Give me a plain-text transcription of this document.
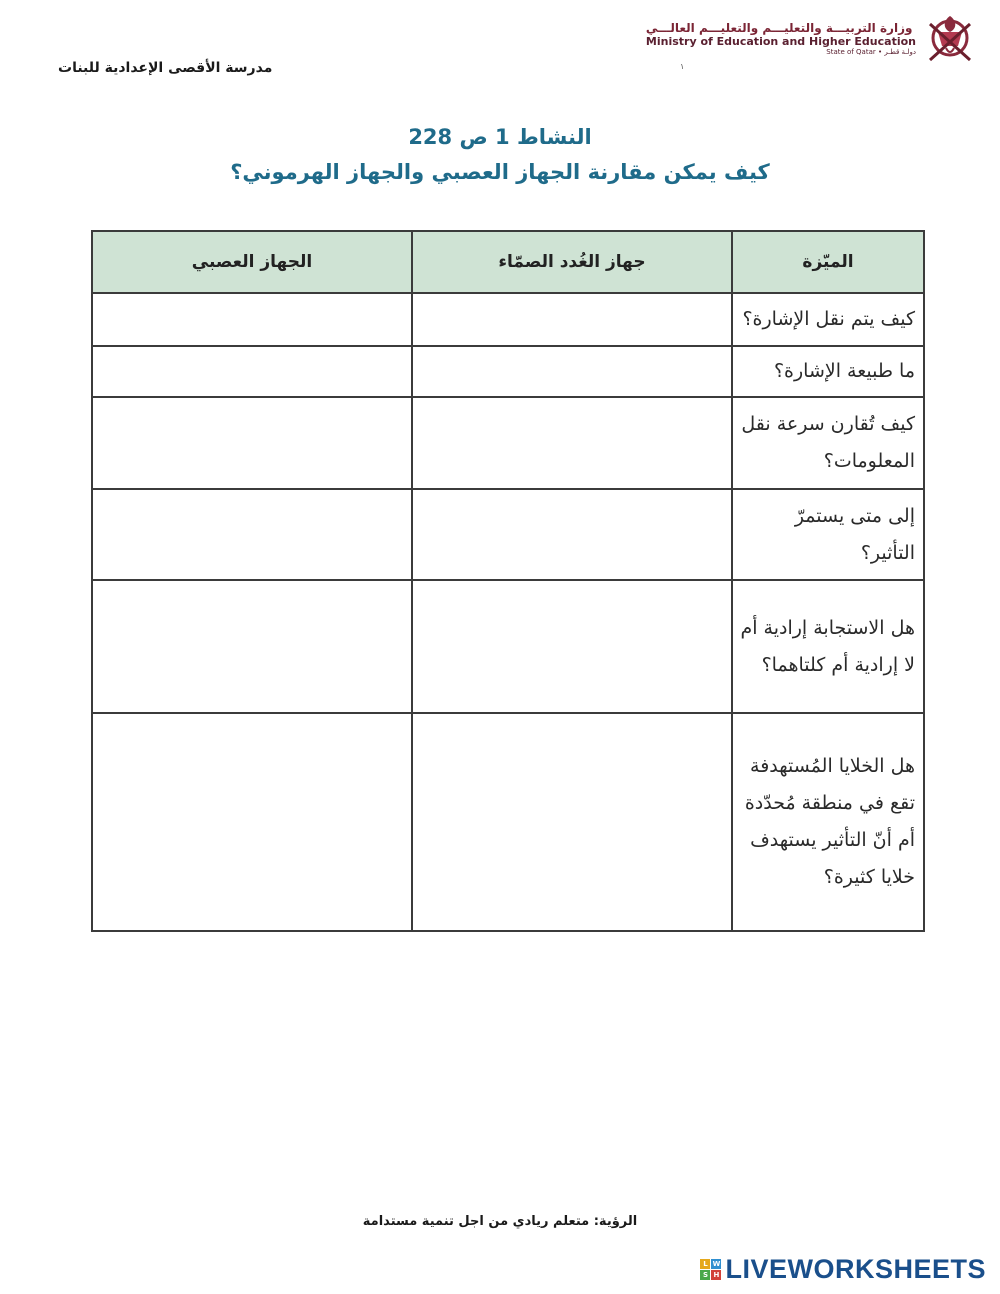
مدرسة الأقصى الإعدادية للبنات	١
وزارة التربيـــة والتعليـــم والتعليـــم العالـــي
Ministry of Education and Higher Education
State of Qatar • دولـة قطـر
النشاط 1 ص 228
كيف يمكن مقارنة الجهاز العصبي والجهاز الهرموني؟
الميّزة	جهاز الغُدد الصمّاء	الجهاز العصبي
كيف يتم نقل الإشارة؟		
ما طبيعة الإشارة؟		
كيف تُقارن سرعة نقل المعلومات؟		
إلى متى يستمرّ التأثير؟		
هل الاستجابة إرادية أم لا إرادية أم كلتاهما؟		
هل الخلايا المُستهدفة تقع في منطقة مُحدّدة أم أنّ التأثير يستهدف خلايا كثيرة؟		
الرؤية: متعلم ريادي من اجل تنمية مستدامة
L W
S H LIVEWORKSHEETS
